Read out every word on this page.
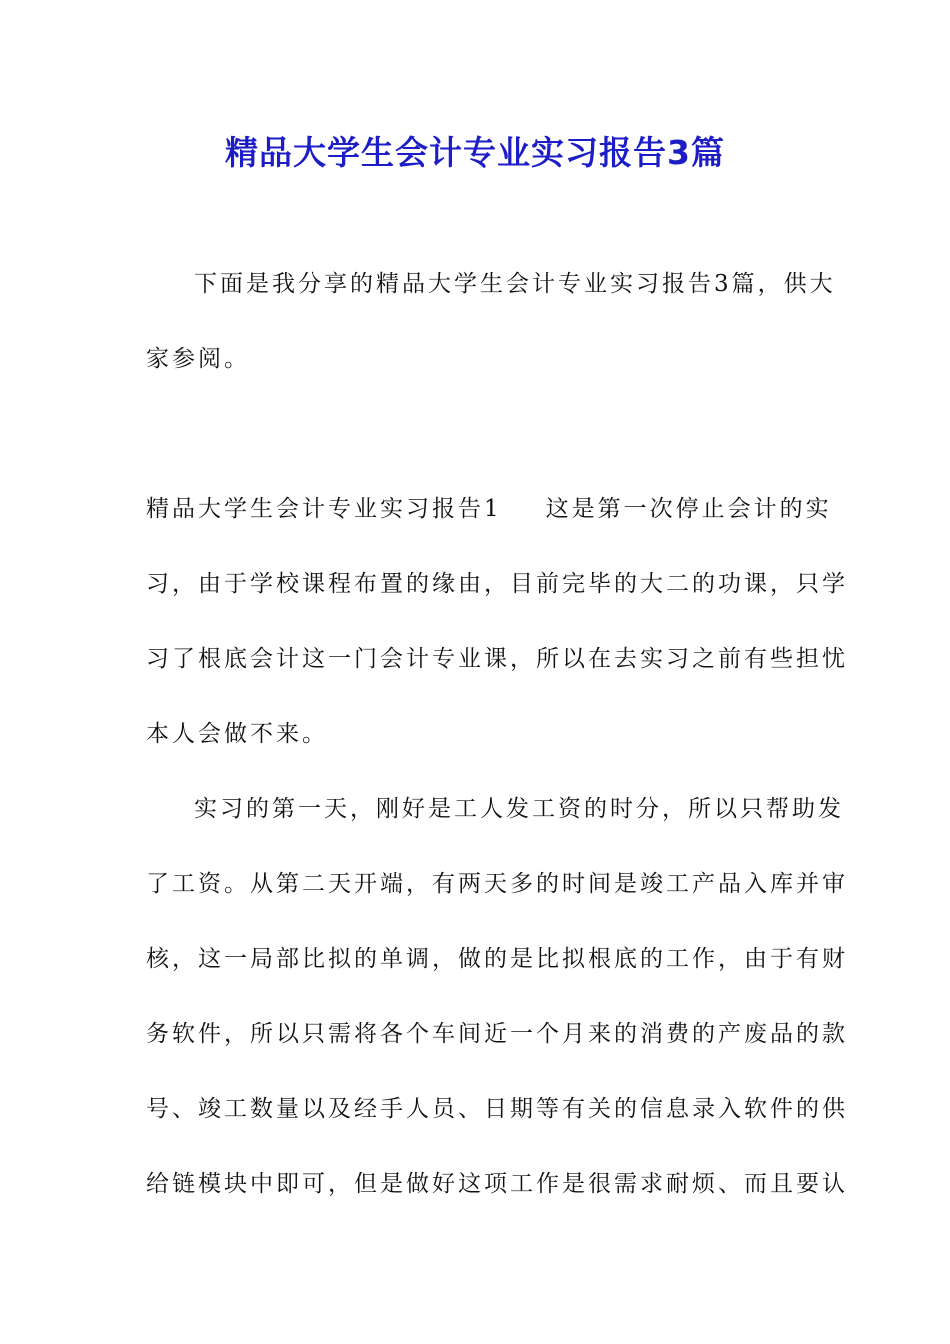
精品大学生会计专业实习报告3篇
下面是我分享的精品大学生会计专业实习报告3篇，供大
家参阅。
精品大学生会计专业实习报告1 这是第一次停止会计的实
习，由于学校课程布置的缘由，目前完毕的大二的功课，只学
习了根底会计这一门会计专业课，所以在去实习之前有些担忧
本人会做不来。
实习的第一天，刚好是工人发工资的时分，所以只帮助发
了工资。从第二天开端，有两天多的时间是竣工产品入库并审
核，这一局部比拟的单调，做的是比拟根底的工作，由于有财
务软件，所以只需将各个车间近一个月来的消费的产废品的款
号、竣工数量以及经手人员、日期等有关的信息录入软件的供
给链模块中即可，但是做好这项工作是很需求耐烦、而且要认
